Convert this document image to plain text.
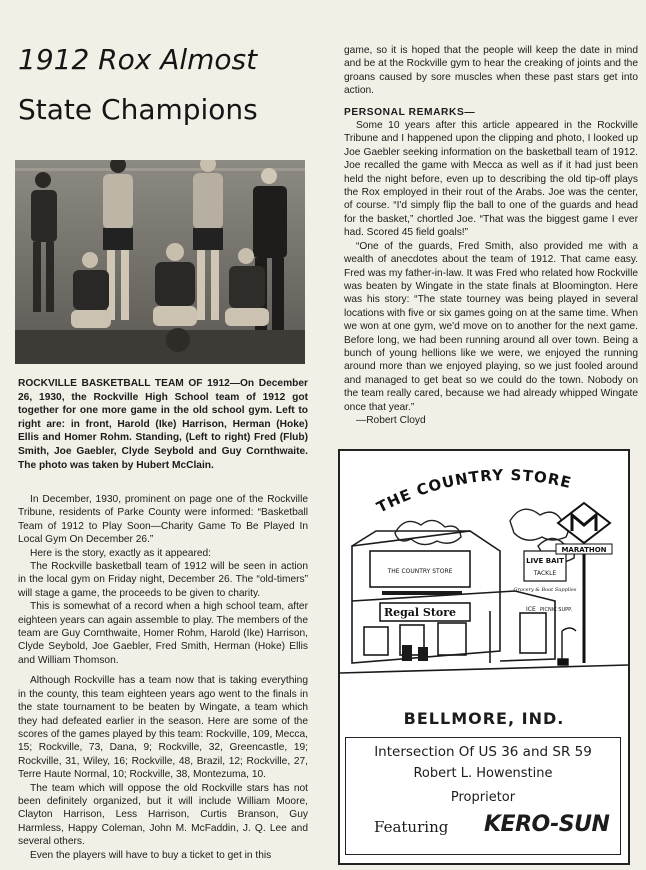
1912 Rox Almost
State Champions
ROCKVILLE BASKETBALL TEAM OF 1912—On December 26, 1930, the Rockville High School team of 1912 got together for one more game in the old school gym. Left to right are: in front, Harold (Ike) Harrison, Herman (Hoke) Ellis and Homer Rohm. Standing, (Left to right) Fred (Flub) Smith, Joe Gaebler, Clyde Seybold and Guy Cornthwaite. The photo was taken by Hubert McClain.

In December, 1930, prominent on page one of the Rockville Tribune, residents of Parke County were informed: “Basketball Team of 1912 to Play Soon—Charity Game To Be Played In Local Gym On December 26.”

Here is the story, exactly as it appeared:

The Rockville basketball team of 1912 will be seen in action in the local gym on Friday night, December 26. The “old-timers” will stage a game, the proceeds to be given to charity.

This is somewhat of a record when a high school team, after eighteen years can again assemble to play. The members of the team are Guy Cornthwaite, Homer Rohm, Harold (Ike) Harrison, Clyde Seybold, Joe Gaebler, Fred Smith, Herman (Hoke) Ellis and William Thomson.

Although Rockville has a team now that is taking everything in the county, this team eighteen years ago went to the finals in the state tournament to be beaten by Wingate, a team which they had defeated earlier in the season. Here are some of the scores of the games played by this team: Rockville, 109, Mecca, 15; Rockville, 73, Dana, 9; Rockville, 32, Greencastle, 19; Rockville, 31, Wiley, 16; Rockville, 48, Brazil, 12; Rockville, 27, Terre Haute Normal, 10; Rockville, 38, Montezuma, 10.

The team which will oppose the old Rockville stars has not been definitely organized, but it will include William Moore, Clayton Harrison, Less Harrison, Curtis Branson, Guy Harmless, Happy Coleman, John M. McFaddin, J. Q. Lee and several others.

Even the players will have to buy a ticket to get in this

game, so it is hoped that the people will keep the date in mind and be at the Rockville gym to hear the creaking of joints and the groans caused by sore muscles when these past stars get into action.

PERSONAL REMARKS—

Some 10 years after this article appeared in the Rockville Tribune and I happened upon the clipping and photo, I looked up Joe Gaebler seeking information on the basketball team of 1912. Joe recalled the game with Mecca as well as if it had just been held the night before, even up to describing the old tip-off plays the Rox employed in their rout of the Arabs. Joe was the center, of course. “I'd simply flip the ball to one of the guards and head for the basket,” chortled Joe. “That was the biggest game I ever had. Scored 45 field goals!”

“One of the guards, Fred Smith, also provided me with a wealth of anecdotes about the team of 1912. That came easy. Fred was my father-in-law. It was Fred who related how Rockville was beaten by Wingate in the state finals at Bloomington. Here was his story: “The state tourney was being played in several locations with five or six games going on at the same time. When we won at one gym, we'd move on to another for the next game. Before long, we had been running around all over town. Being a bunch of young hellions like we were, we enjoyed the running around more than we enjoyed playing, so we just fooled around and managed to get beat so we could do the town. Nobody on the team really cared, because we had already whipped Wingate once that year.”

—Robert Cloyd

THE COUNTRY STORE
Regal Store
THE COUNTRY STORE
LIVE BAIT
TACKLE
Grocery & Boat Supplies
ICE PICNIC SUPP.
MARATHON
BELLMORE, IND.
Intersection Of US 36 and SR 59
Robert L. Howenstine
Proprietor
Featuring KERO-SUN
